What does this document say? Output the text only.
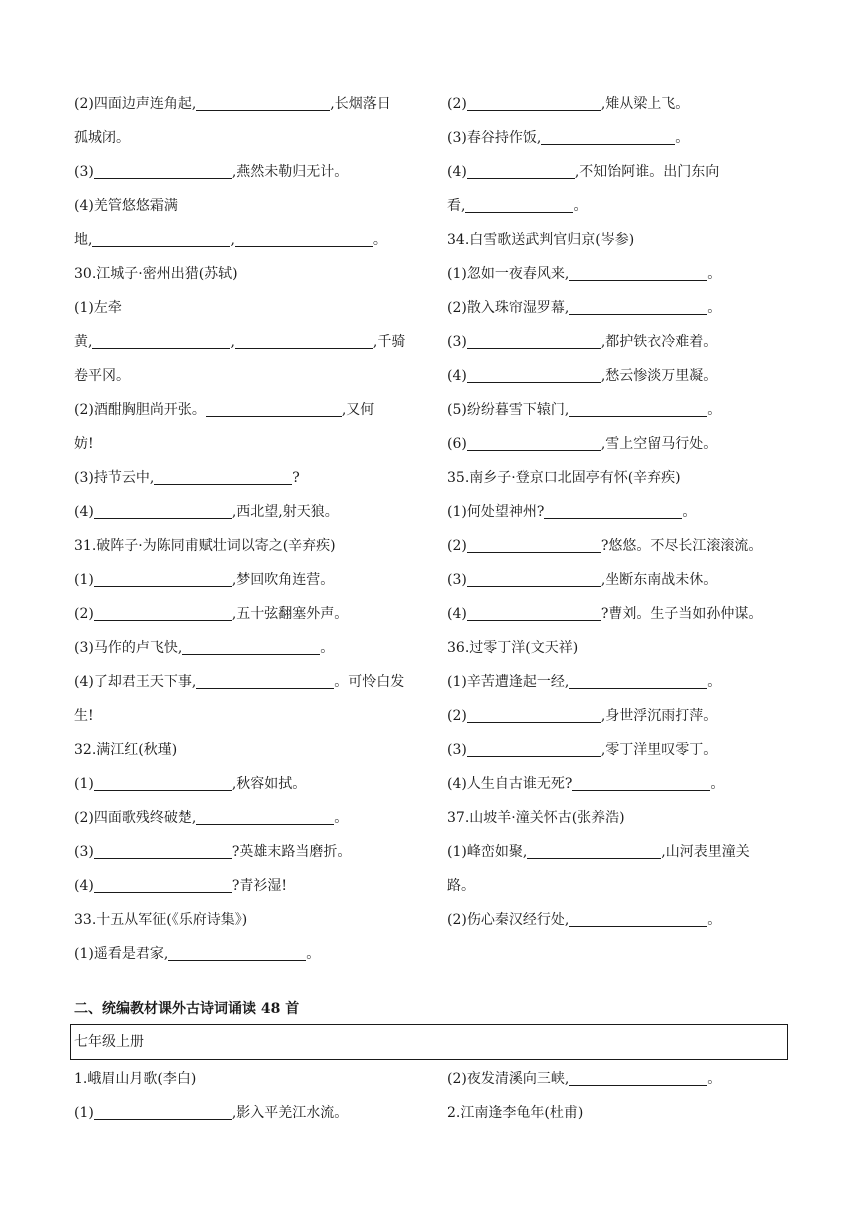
(2)四面边声连角起,	,长烟落日
孤城闭。
(3)	,燕然未勒归无计。
(4)羌管悠悠霜满
地,	,	。
30.江城子·密州出猎(苏轼)
(1)左牵
黄,	,	,千骑
卷平冈。
(2)酒酣胸胆尚开张。	,又何
妨!
(3)持节云中,	?
(4)	,西北望,射天狼。
31.破阵子·为陈同甫赋壮词以寄之(辛弃疾)
(1)	,梦回吹角连营。
(2)	,五十弦翻塞外声。
(3)马作的卢飞快,	。
(4)了却君王天下事,	。可怜白发
生!
32.满江红(秋瑾)
(1)	,秋容如拭。
(2)四面歌残终破楚,	。
(3)	?英雄末路当磨折。
(4)	?青衫湿!
33.十五从军征(《乐府诗集》)
(1)遥看是君家,	。
(2)	,雉从梁上飞。
(3)春谷持作饭,	。
(4)	,不知饴阿谁。出门东向
看,	。
34.白雪歌送武判官归京(岑参)
(1)忽如一夜春风来,	。
(2)散入珠帘湿罗幕,	。
(3)	,都护铁衣冷难着。
(4)	,愁云惨淡万里凝。
(5)纷纷暮雪下辕门,	。
(6)	,雪上空留马行处。
35.南乡子·登京口北固亭有怀(辛弃疾)
(1)何处望神州?	。
(2)	?悠悠。不尽长江滚滚流。
(3)	,坐断东南战未休。
(4)	?曹刘。生子当如孙仲谋。
36.过零丁洋(文天祥)
(1)辛苦遭逢起一经,	。
(2)	,身世浮沉雨打萍。
(3)	,零丁洋里叹零丁。
(4)人生自古谁无死?	。
37.山坡羊·潼关怀古(张养浩)
(1)峰峦如聚,	,山河表里潼关
路。
(2)伤心秦汉经行处,	。
二、统编教材课外古诗词诵读 48 首
七年级上册
1.峨眉山月歌(李白)
(1)	,影入平羌江水流。
(2)夜发清溪向三峡,	。
2.江南逢李龟年(杜甫)
